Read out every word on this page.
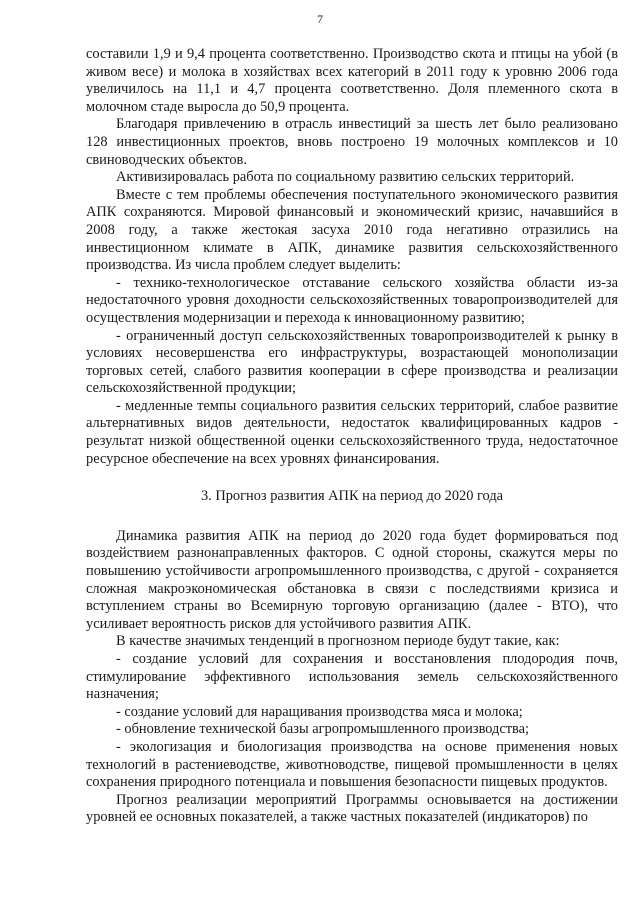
7

составили 1,9 и 9,4 процента соответственно. Производство скота и птицы на убой (в живом весе) и молока в хозяйствах всех категорий в 2011 году к уровню 2006 года увеличилось на 11,1 и 4,7 процента соответственно. Доля племенного скота в молочном стаде выросла до 50,9 процента.

Благодаря привлечению в отрасль инвестиций за шесть лет было реализовано 128 инвестиционных проектов, вновь построено 19 молочных комплексов и 10 свиноводческих объектов.

Активизировалась работа по социальному развитию сельских территорий.

Вместе с тем проблемы обеспечения поступательного экономического развития АПК сохраняются. Мировой финансовый и экономический кризис, начавшийся в 2008 году, а также жестокая засуха 2010 года негативно отразились на инвестиционном климате в АПК, динамике развития сельскохозяйственного производства. Из числа проблем следует выделить:

- технико-технологическое отставание сельского хозяйства области из-за недостаточного уровня доходности сельскохозяйственных товаропроизводителей для осуществления модернизации и перехода к инновационному развитию;

- ограниченный доступ сельскохозяйственных товаропроизводителей к рынку в условиях несовершенства его инфраструктуры, возрастающей монополизации торговых сетей, слабого развития кооперации в сфере производства и реализации сельскохозяйственной продукции;

- медленные темпы социального развития сельских территорий, слабое развитие альтернативных видов деятельности, недостаток квалифицированных кадров - результат низкой общественной оценки сельскохозяйственного труда, недостаточное ресурсное обеспечение на всех уровнях финансирования.

3. Прогноз развития АПК на период до 2020 года

Динамика развития АПК на период до 2020 года будет формироваться под воздействием разнонаправленных факторов. С одной стороны, скажутся меры по повышению устойчивости агропромышленного производства, с другой - сохраняется сложная макроэкономическая обстановка в связи с последствиями кризиса и вступлением страны во Всемирную торговую организацию (далее - ВТО), что усиливает вероятность рисков для устойчивого развития АПК.

В качестве значимых тенденций в прогнозном периоде будут такие, как:

- создание условий для сохранения и восстановления плодородия почв, стимулирование эффективного использования земель сельскохозяйственного назначения;

- создание условий для наращивания производства мяса и молока;

- обновление технической базы агропромышленного производства;

- экологизация и биологизация производства на основе применения новых технологий в растениеводстве, животноводстве, пищевой промышленности в целях сохранения природного потенциала и повышения безопасности пищевых продуктов.

Прогноз реализации мероприятий Программы основывается на достижении уровней ее основных показателей, а также частных показателей (индикаторов) по
